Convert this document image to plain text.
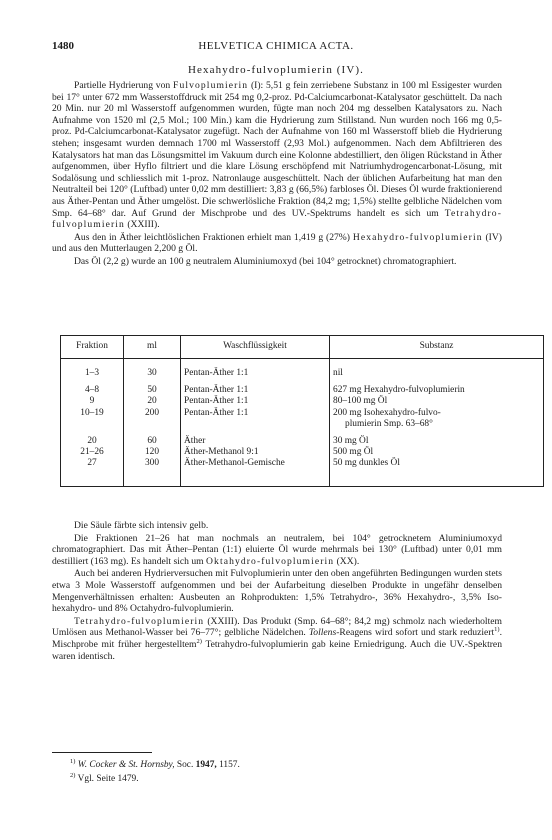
1480	HELVETICA CHIMICA ACTA.
Hexahydro-fulvoplumierin (IV).

Partielle Hydrierung von Fulvoplumierin (I): 5,51 g fein zerriebene Substanz in 100 ml Essigester wurden bei 17° unter 672 mm Wasserstoffdruck mit 254 mg 0,2-proz. Pd-Calciumcarbonat-Katalysator geschüttelt. Da nach 20 Min. nur 20 ml Wasserstoff aufgenommen wurden, fügte man noch 204 mg desselben Katalysators zu. Nach Aufnahme von 1520 ml (2,5 Mol.; 100 Min.) kam die Hydrierung zum Stillstand. Nun wurden noch 166 mg 0,5-proz. Pd-Calciumcarbonat-Katalysator zugefügt. Nach der Aufnahme von 160 ml Wasserstoff blieb die Hydrierung stehen; insgesamt wurden demnach 1700 ml Wasserstoff (2,93 Mol.) aufgenommen. Nach dem Abfiltrieren des Katalysators hat man das Lösungsmittel im Vakuum durch eine Kolonne abdestilliert, den öligen Rückstand in Äther aufgenommen, über Hyflo filtriert und die klare Lösung erschöpfend mit Natriumhydrogencarbonat-Lösung, mit Sodalösung und schliesslich mit 1-proz. Natronlauge ausgeschüttelt. Nach der üblichen Aufarbeitung hat man den Neutralteil bei 120° (Luftbad) unter 0,02 mm destilliert: 3,83 g (66,5%) farbloses Öl. Dieses Öl wurde fraktionierend aus Äther-Pentan und Äther umgelöst. Die schwerlösliche Fraktion (84,2 mg; 1,5%) stellte gelbliche Nädelchen vom Smp. 64–68° dar. Auf Grund der Mischprobe und des UV.-Spektrums handelt es sich um Tetrahydro-fulvoplumierin (XXIII).

Aus den in Äther leichtlöslichen Fraktionen erhielt man 1,419 g (27%) Hexahydro-fulvoplumierin (IV) und aus den Mutterlaugen 2,200 g Öl.

Das Öl (2,2 g) wurde an 100 g neutralem Aluminiumoxyd (bei 104° getrocknet) chromatographiert.

Fraktion	ml	Waschflüssigkeit	Substanz
1–3	30	Pentan-Äther 1:1	nil
4–8	50	Pentan-Äther 1:1	627 mg Hexahydro-fulvoplumierin
9	20	Pentan-Äther 1:1	80–100 mg Öl
10–19	200	Pentan-Äther 1:1	200 mg Isohexahydro-fulvo-
plumierin Smp. 63–68°
20	60	Äther	30 mg Öl
21–26	120	Äther-Methanol 9:1	500 mg Öl
27	300	Äther-Methanol-Gemische	50 mg dunkles Öl

Die Säule färbte sich intensiv gelb.

Die Fraktionen 21–26 hat man nochmals an neutralem, bei 104° getrocknetem Aluminiumoxyd chromatographiert. Das mit Äther–Pentan (1:1) eluierte Öl wurde mehrmals bei 130° (Luftbad) unter 0,01 mm destilliert (163 mg). Es handelt sich um Oktahydro-fulvoplumierin (XX).

Auch bei anderen Hydrierversuchen mit Fulvoplumierin unter den oben angeführten Bedingungen wurden stets etwa 3 Mole Wasserstoff aufgenommen und bei der Aufarbeitung dieselben Produkte in ungefähr denselben Mengenverhältnissen erhalten: Ausbeuten an Rohprodukten: 1,5% Tetrahydro-, 36% Hexahydro-, 3,5% Iso-hexahydro- und 8% Octahydro-fulvoplumierin.

Tetrahydro-fulvoplumierin (XXIII). Das Produkt (Smp. 64–68°; 84,2 mg) schmolz nach wiederholtem Umlösen aus Methanol-Wasser bei 76–77°; gelbliche Nädelchen. Tollens-Reagens wird sofort und stark reduziert$^{1)}$. Mischprobe mit früher hergestelltem$^{2)}$ Tetrahydro-fulvoplumierin gab keine Erniedrigung. Auch die UV.-Spektren waren identisch.

$^{1)}$ W. Cocker & St. Hornsby, Soc. 1947, 1157.
$^{2)}$ Vgl. Seite 1479.
